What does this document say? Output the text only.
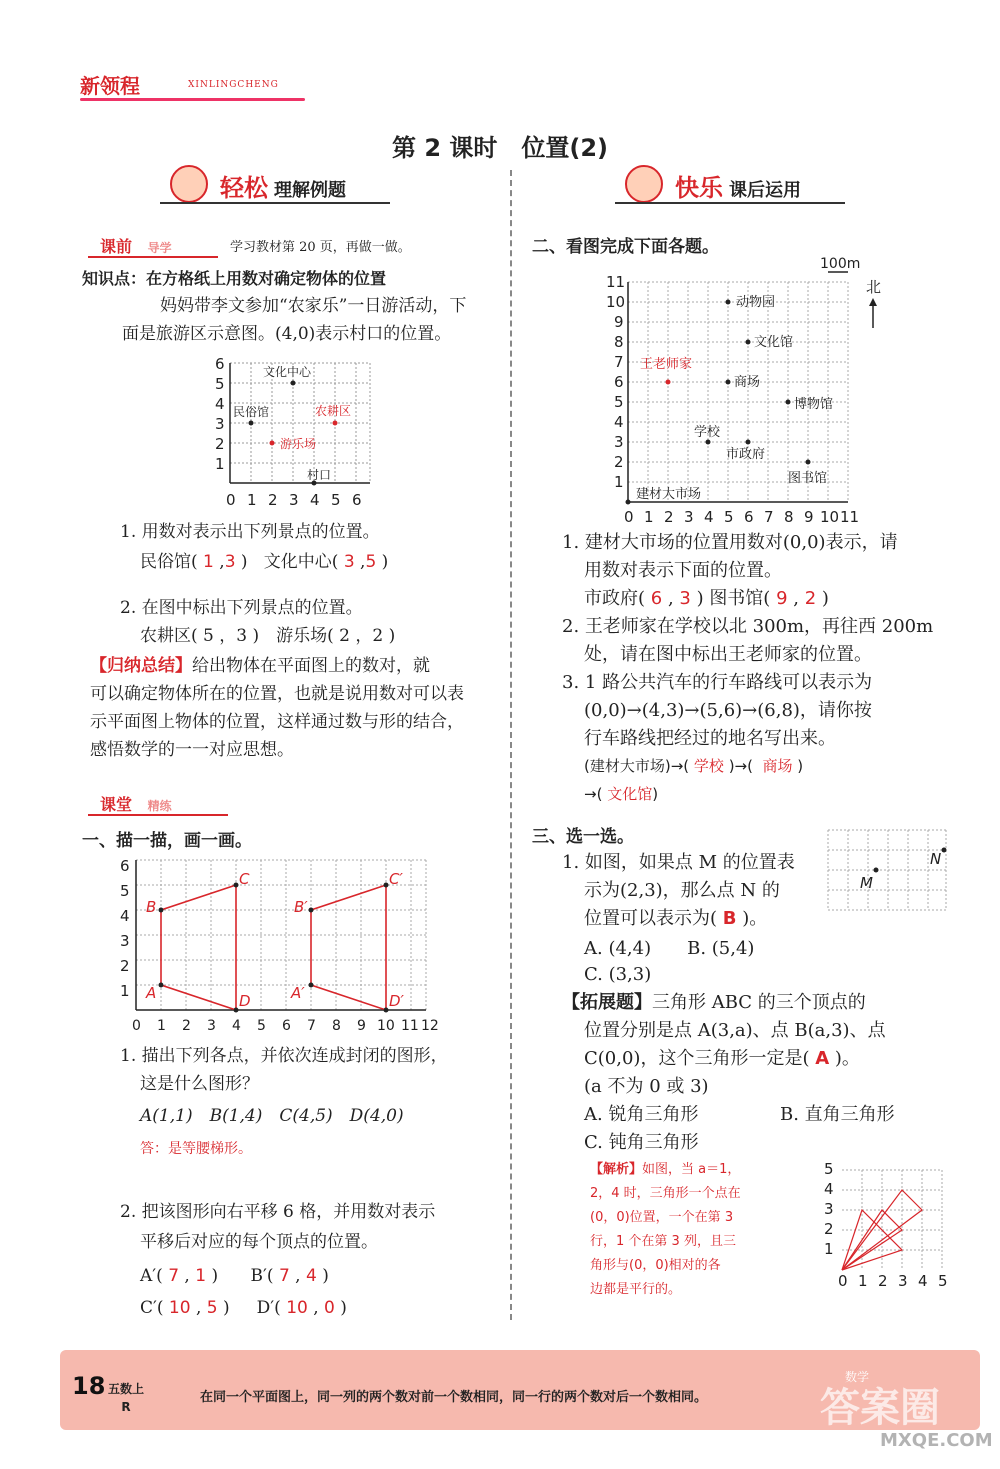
新领程	XINLINGCHENG
第 2 课时　位置(2)
轻松 理解例题	快乐 课后运用
课前 导学	学习教材第 20 页，再做一做。
知识点：在方格纸上用数对确定物体的位置
妈妈带李文参加“农家乐”一日游活动，下
面是旅游区示意图。(4,0)表示村口的位置。
6
5
4
3
2
1
0 1 2 3 4 5 6
文化中心
民俗馆	农耕区
游乐场
村口
1. 用数对表示出下列景点的位置。
民俗馆( 1 ,3 )   文化中心( 3 ,5 )
2. 在图中标出下列景点的位置。
农耕区( 5 ，3 )　游乐场( 2 ，2 )
【归纳总结】给出物体在平面图上的数对，就
可以确定物体所在的位置，也就是说用数对可以表
示平面图上物体的位置，这样通过数与形的结合，
感悟数学的一一对应思想。
课堂 精练
一、描一描，画一画。
6
5
4
3
2
1
0 1 2 3 4 5 6 7 8 9 10 11 12
A
B
C
D	A′
B′
C′
D′
1. 描出下列各点，并依次连成封闭的图形，
这是什么图形？
A(1,1)　B(1,4)　C(4,5)　D(4,0)
答：是等腰梯形。
2. 把该图形向右平移 6 格，并用数对表示
平移后对应的每个顶点的位置。
A′( 7 , 1 )      B′( 7 , 4 )
C′( 10 , 5 )     D′( 10 , 0 )
二、看图完成下面各题。
100m
北
11
10
9
8
7
6
5
4
3
2
1
0 1 2 3 4 5 6 7 8 9 10 11
动物园
文化馆
商场
博物馆
学校
市政府
图书馆
建材大市场
王老师家
1. 建材大市场的位置用数对(0,0)表示，请
用数对表示下面的位置。
市政府( 6 , 3 ) 图书馆( 9 , 2 )
2. 王老师家在学校以北 300m，再往西 200m
处，请在图中标出王老师家的位置。
3. 1 路公共汽车的行车路线可以表示为
(0,0)→(4,3)→(5,6)→(6,8)，请你按
行车路线把经过的地名写出来。
(建材大市场)→( 学校 )→(  商场 )
→( 文化馆)
三、选一选。
1. 如图，如果点 M 的位置表
示为(2,3)，那么点 N 的
位置可以表示为( B )。
A. (4,4)　　B. (5,4)
C. (3,3)
M
N
【拓展题】三角形 ABC 的三个顶点的
位置分别是点 A(3,a)、点 B(a,3)、点
C(0,0)，这个三角形一定是( A )。
(a 不为 0 或 3)
A. 锐角三角形	B. 直角三角形
C. 钝角三角形
【解析】如图，当 a＝1，
2，4 时，三角形一个点在
(0，0)位置，一个在第 3
行，1 个在第 3 列，且三
角形与(0，0)相对的各
边都是平行的。
5
4
3
2
1
0 1 2 3 4 5
18 五数上
R
在同一个平面图上，同一列的两个数对前一个数相同，同一行的两个数对后一个数相同。
数学
答案圈
MXQE.COM
